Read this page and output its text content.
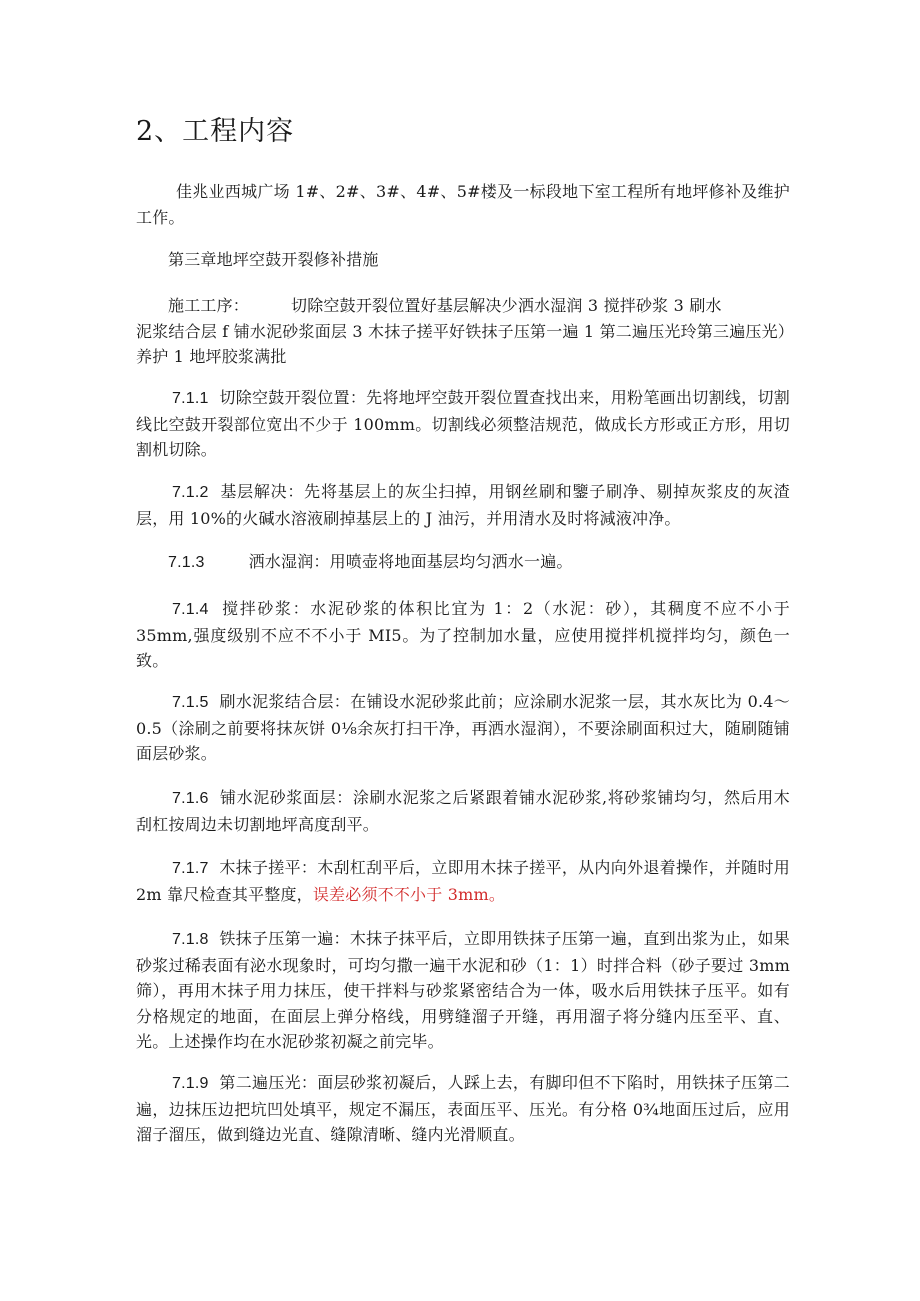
2、工程内容

佳兆业西城广场 1#、2#、3#、4#、5#楼及一标段地下室工程所有地坪修补及维护工作。

第三章地坪空鼓开裂修补措施

施工工序：	切除空鼓开裂位置好基层解决少洒水湿润 3 搅拌砂浆 3 刷水
泥浆结合层 f 铺水泥砂浆面层 3 木抹子搓平好铁抹子压第一遍 1 第二遍压光玲第三遍压光）养护 1 地坪胶浆满批

7.1.1 切除空鼓开裂位置：先将地坪空鼓开裂位置查找出来，用粉笔画出切割线，切割线比空鼓开裂部位宽出不少于 100mm。切割线必须整洁规范，做成长方形或正方形，用切割机切除。

7.1.2 基层解决：先将基层上的灰尘扫掉，用钢丝刷和鑒子刷净、剔掉灰浆皮的灰渣层，用 10%的火碱水溶液刷掉基层上的 J 油污，并用清水及时将減液冲净。

7.1.3	洒水湿润：用喷壶将地面基层均匀洒水一遍。

7.1.4 搅拌砂浆：水泥砂浆的体积比宜为 1：2（水泥：砂），其稠度不应不小于 35mm,强度级别不应不不小于 MI5。为了控制加水量，应使用搅拌机搅拌均匀，颜色一致。

7.1.5 刷水泥浆结合层：在铺设水泥砂浆此前；应涂刷水泥浆一层，其水灰比为 0.4～0.5（涂刷之前要将抹灰饼 0⅛余灰打扫干净，再洒水湿润），不要涂刷面积过大，随刷随铺面层砂浆。

7.1.6 铺水泥砂浆面层：涂刷水泥浆之后紧跟着铺水泥砂浆,将砂浆铺均匀，然后用木刮杠按周边未切割地坪高度刮平。

7.1.7 木抹子搓平：木刮杠刮平后，立即用木抹子搓平，从内向外退着操作，并随时用 2m 靠尺检查其平整度，误差必须不不小于 3mm。

7.1.8 铁抹子压第一遍：木抹子抹平后，立即用铁抹子压第一遍，直到出浆为止，如果砂浆过稀表面有泌水现象时，可均匀撒一遍干水泥和砂（1：1）时拌合料（砂子要过 3mm 筛），再用木抹子用力抹压，使干拌料与砂浆紧密结合为一体，吸水后用铁抹子压平。如有分格规定的地面，在面层上弹分格线，用劈缝溜子开缝，再用溜子将分缝内压至平、直、光。上述操作均在水泥砂浆初凝之前完毕。

7.1.9 第二遍压光：面层砂浆初凝后，人踩上去，有脚印但不下陷时，用铁抹子压第二遍，边抹压边把坑凹处填平，规定不漏压，表面压平、压光。有分格 0¾地面压过后，应用溜子溜压，做到缝边光直、缝隙清晰、缝内光滑顺直。
